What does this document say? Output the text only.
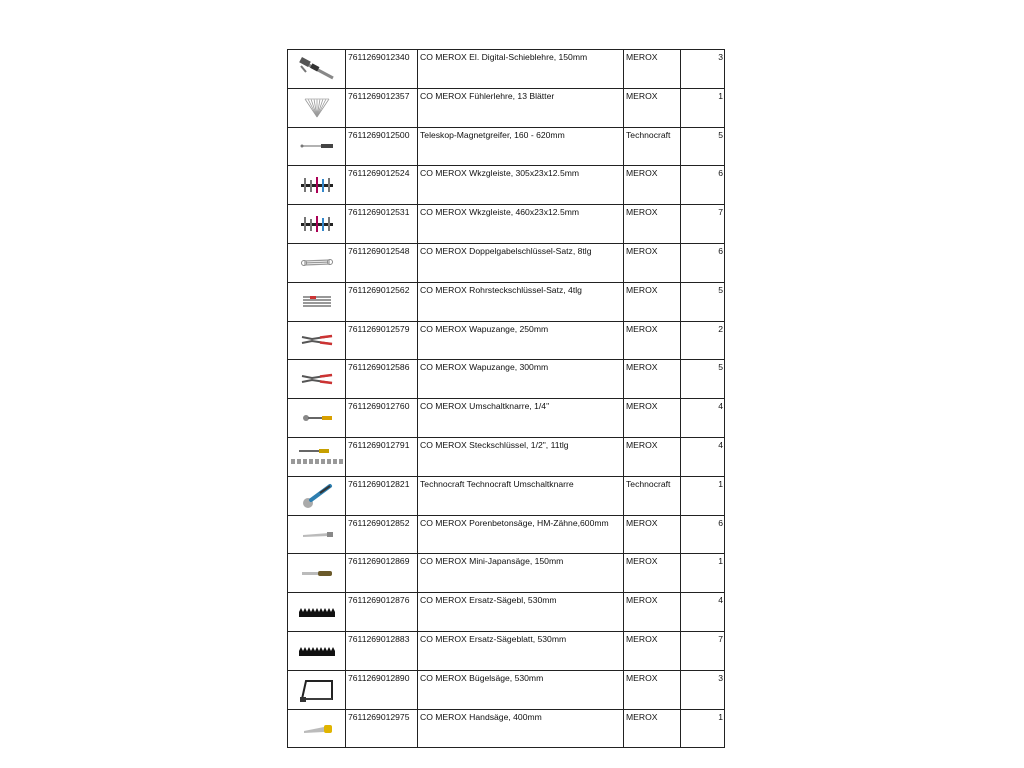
	7611269012340	CO MEROX El. Digital-Schieblehre, 150mm	MEROX	3

	7611269012357	CO MEROX Fühlerlehre, 13 Blätter	MEROX	1

	7611269012500	Teleskop-Magnetgreifer, 160 - 620mm	Technocraft	5

	7611269012524	CO MEROX Wkzgleiste, 305x23x12.5mm	MEROX	6

	7611269012531	CO MEROX Wkzgleiste, 460x23x12.5mm	MEROX	7

	7611269012548	CO MEROX Doppelgabelschlüssel-Satz, 8tlg	MEROX	6

	7611269012562	CO MEROX Rohrsteckschlüssel-Satz, 4tlg	MEROX	5

	7611269012579	CO MEROX Wapuzange, 250mm	MEROX	2

	7611269012586	CO MEROX Wapuzange, 300mm	MEROX	5

	7611269012760	CO MEROX Umschaltknarre, 1/4"	MEROX	4

	7611269012791	CO MEROX Steckschlüssel, 1/2", 11tlg	MEROX	4

	7611269012821	Technocraft Technocraft Umschaltknarre	Technocraft	1

	7611269012852	CO MEROX Porenbetonsäge, HM-Zähne,600mm	MEROX	6

	7611269012869	CO MEROX Mini-Japansäge, 150mm	MEROX	1

	7611269012876	CO MEROX Ersatz-Sägebl, 530mm	MEROX	4

	7611269012883	CO MEROX Ersatz-Sägeblatt, 530mm	MEROX	7

	7611269012890	CO MEROX Bügelsäge, 530mm	MEROX	3

	7611269012975	CO MEROX Handsäge, 400mm	MEROX	1
